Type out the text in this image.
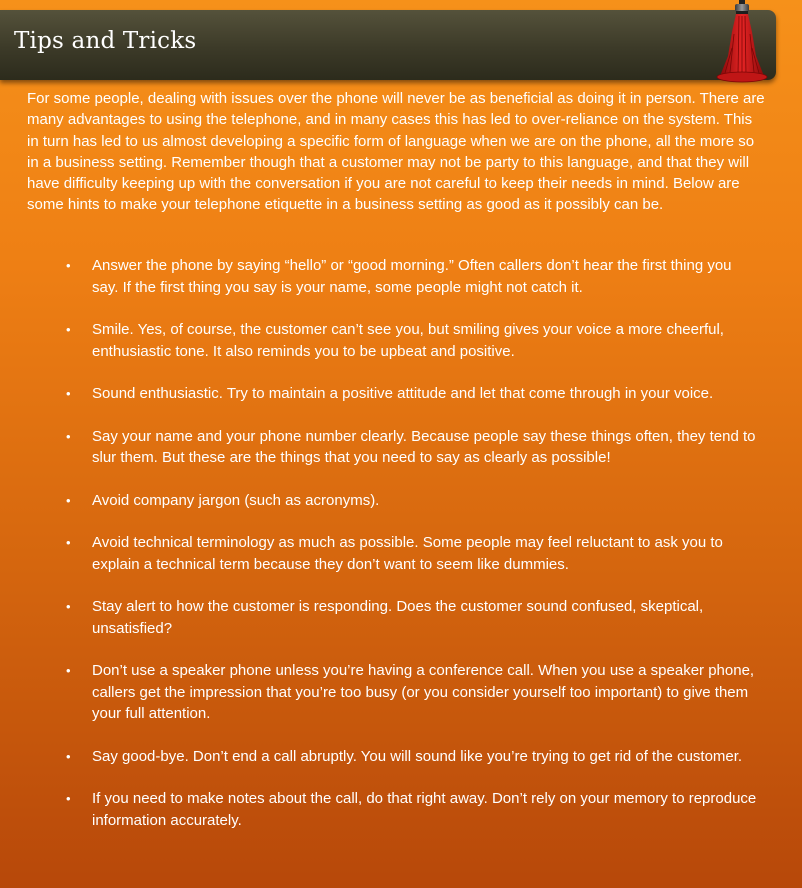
Tips and Tricks

For some people, dealing with issues over the phone will never be as beneficial as doing it in person. There are many advantages to using the telephone, and in many cases this has led to over-reliance on the system. This in turn has led to us almost developing a specific form of language when we are on the phone, all the more so in a business setting. Remember though that a customer may not be party to this language, and that they will have difficulty keeping up with the conversation if you are not careful to keep their needs in mind. Below are some hints to make your telephone etiquette in a business setting as good as it possibly can be.

• Answer the phone by saying “hello” or “good morning.” Often callers don’t hear the first thing you say. If the first thing you say is your name, some people might not catch it.
• Smile. Yes, of course, the customer can’t see you, but smiling gives your voice a more cheerful, enthusiastic tone. It also reminds you to be upbeat and positive.
• Sound enthusiastic. Try to maintain a positive attitude and let that come through in your voice.
• Say your name and your phone number clearly. Because people say these things often, they tend to slur them. But these are the things that you need to say as clearly as possible!
• Avoid company jargon (such as acronyms).
• Avoid technical terminology as much as possible. Some people may feel reluctant to ask you to explain a technical term because they don’t want to seem like dummies.
• Stay alert to how the customer is responding. Does the customer sound confused, skeptical, unsatisfied?
• Don’t use a speaker phone unless you’re having a conference call. When you use a speaker phone, callers get the impression that you’re too busy (or you consider yourself too important) to give them your full attention.
• Say good-bye. Don’t end a call abruptly. You will sound like you’re trying to get rid of the customer.
• If you need to make notes about the call, do that right away. Don’t rely on your memory to reproduce information accurately.
